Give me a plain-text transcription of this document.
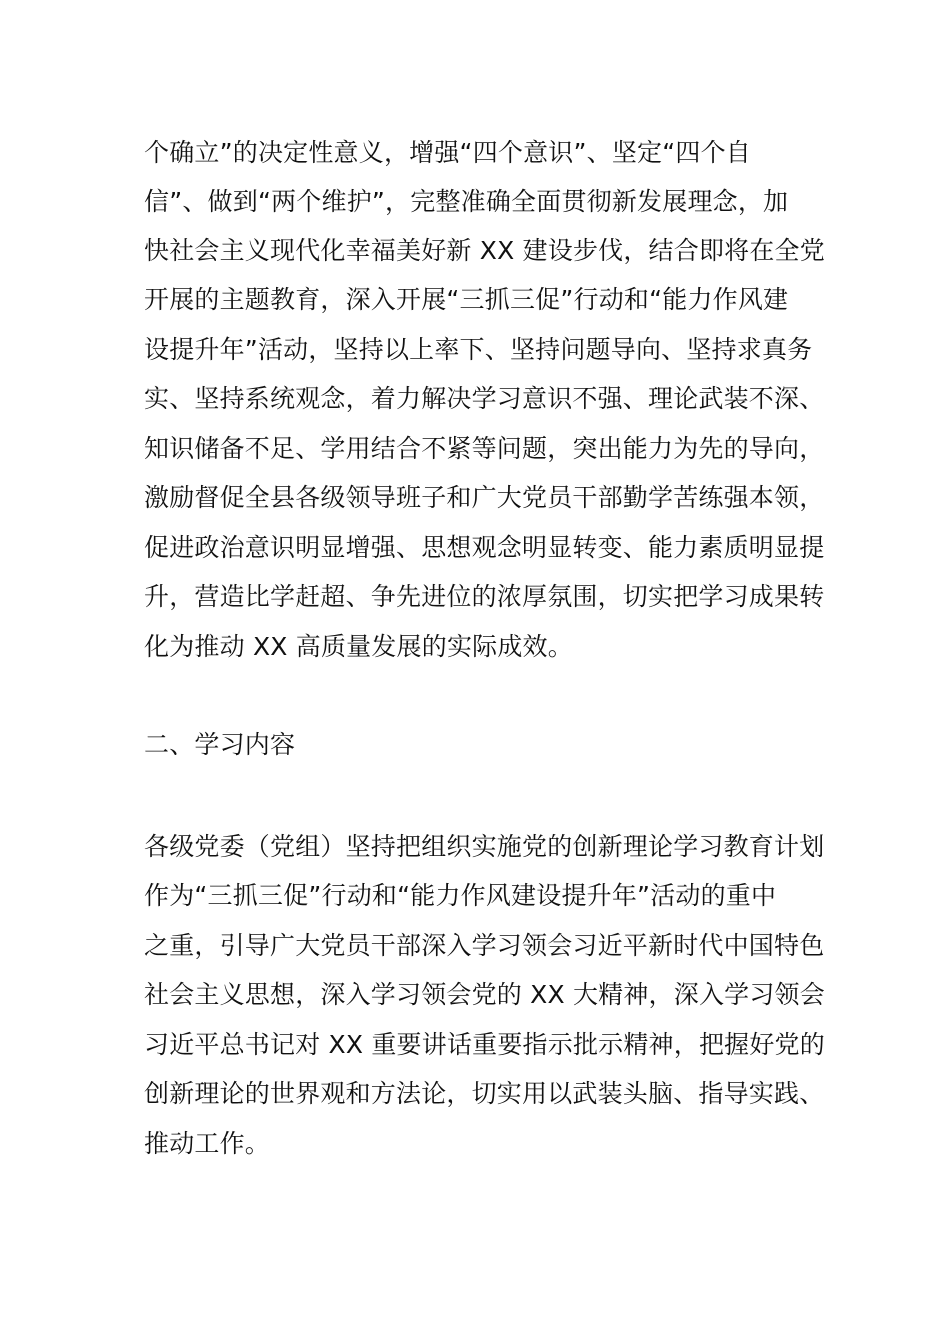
个确立”的决定性意义，增强“四个意识”、坚定“四个自
信”、做到“两个维护”，完整准确全面贯彻新发展理念，加
快社会主义现代化幸福美好新 XX 建设步伐，结合即将在全党
开展的主题教育，深入开展“三抓三促”行动和“能力作风建
设提升年”活动，坚持以上率下、坚持问题导向、坚持求真务
实、坚持系统观念，着力解决学习意识不强、理论武装不深、
知识储备不足、学用结合不紧等问题，突出能力为先的导向，
激励督促全县各级领导班子和广大党员干部勤学苦练强本领，
促进政治意识明显增强、思想观念明显转变、能力素质明显提
升，营造比学赶超、争先进位的浓厚氛围，切实把学习成果转
化为推动 XX 高质量发展的实际成效。
二、学习内容
各级党委（党组）坚持把组织实施党的创新理论学习教育计划
作为“三抓三促”行动和“能力作风建设提升年”活动的重中
之重，引导广大党员干部深入学习领会习近平新时代中国特色
社会主义思想，深入学习领会党的 XX 大精神，深入学习领会
习近平总书记对 XX 重要讲话重要指示批示精神，把握好党的
创新理论的世界观和方法论，切实用以武装头脑、指导实践、
推动工作。
